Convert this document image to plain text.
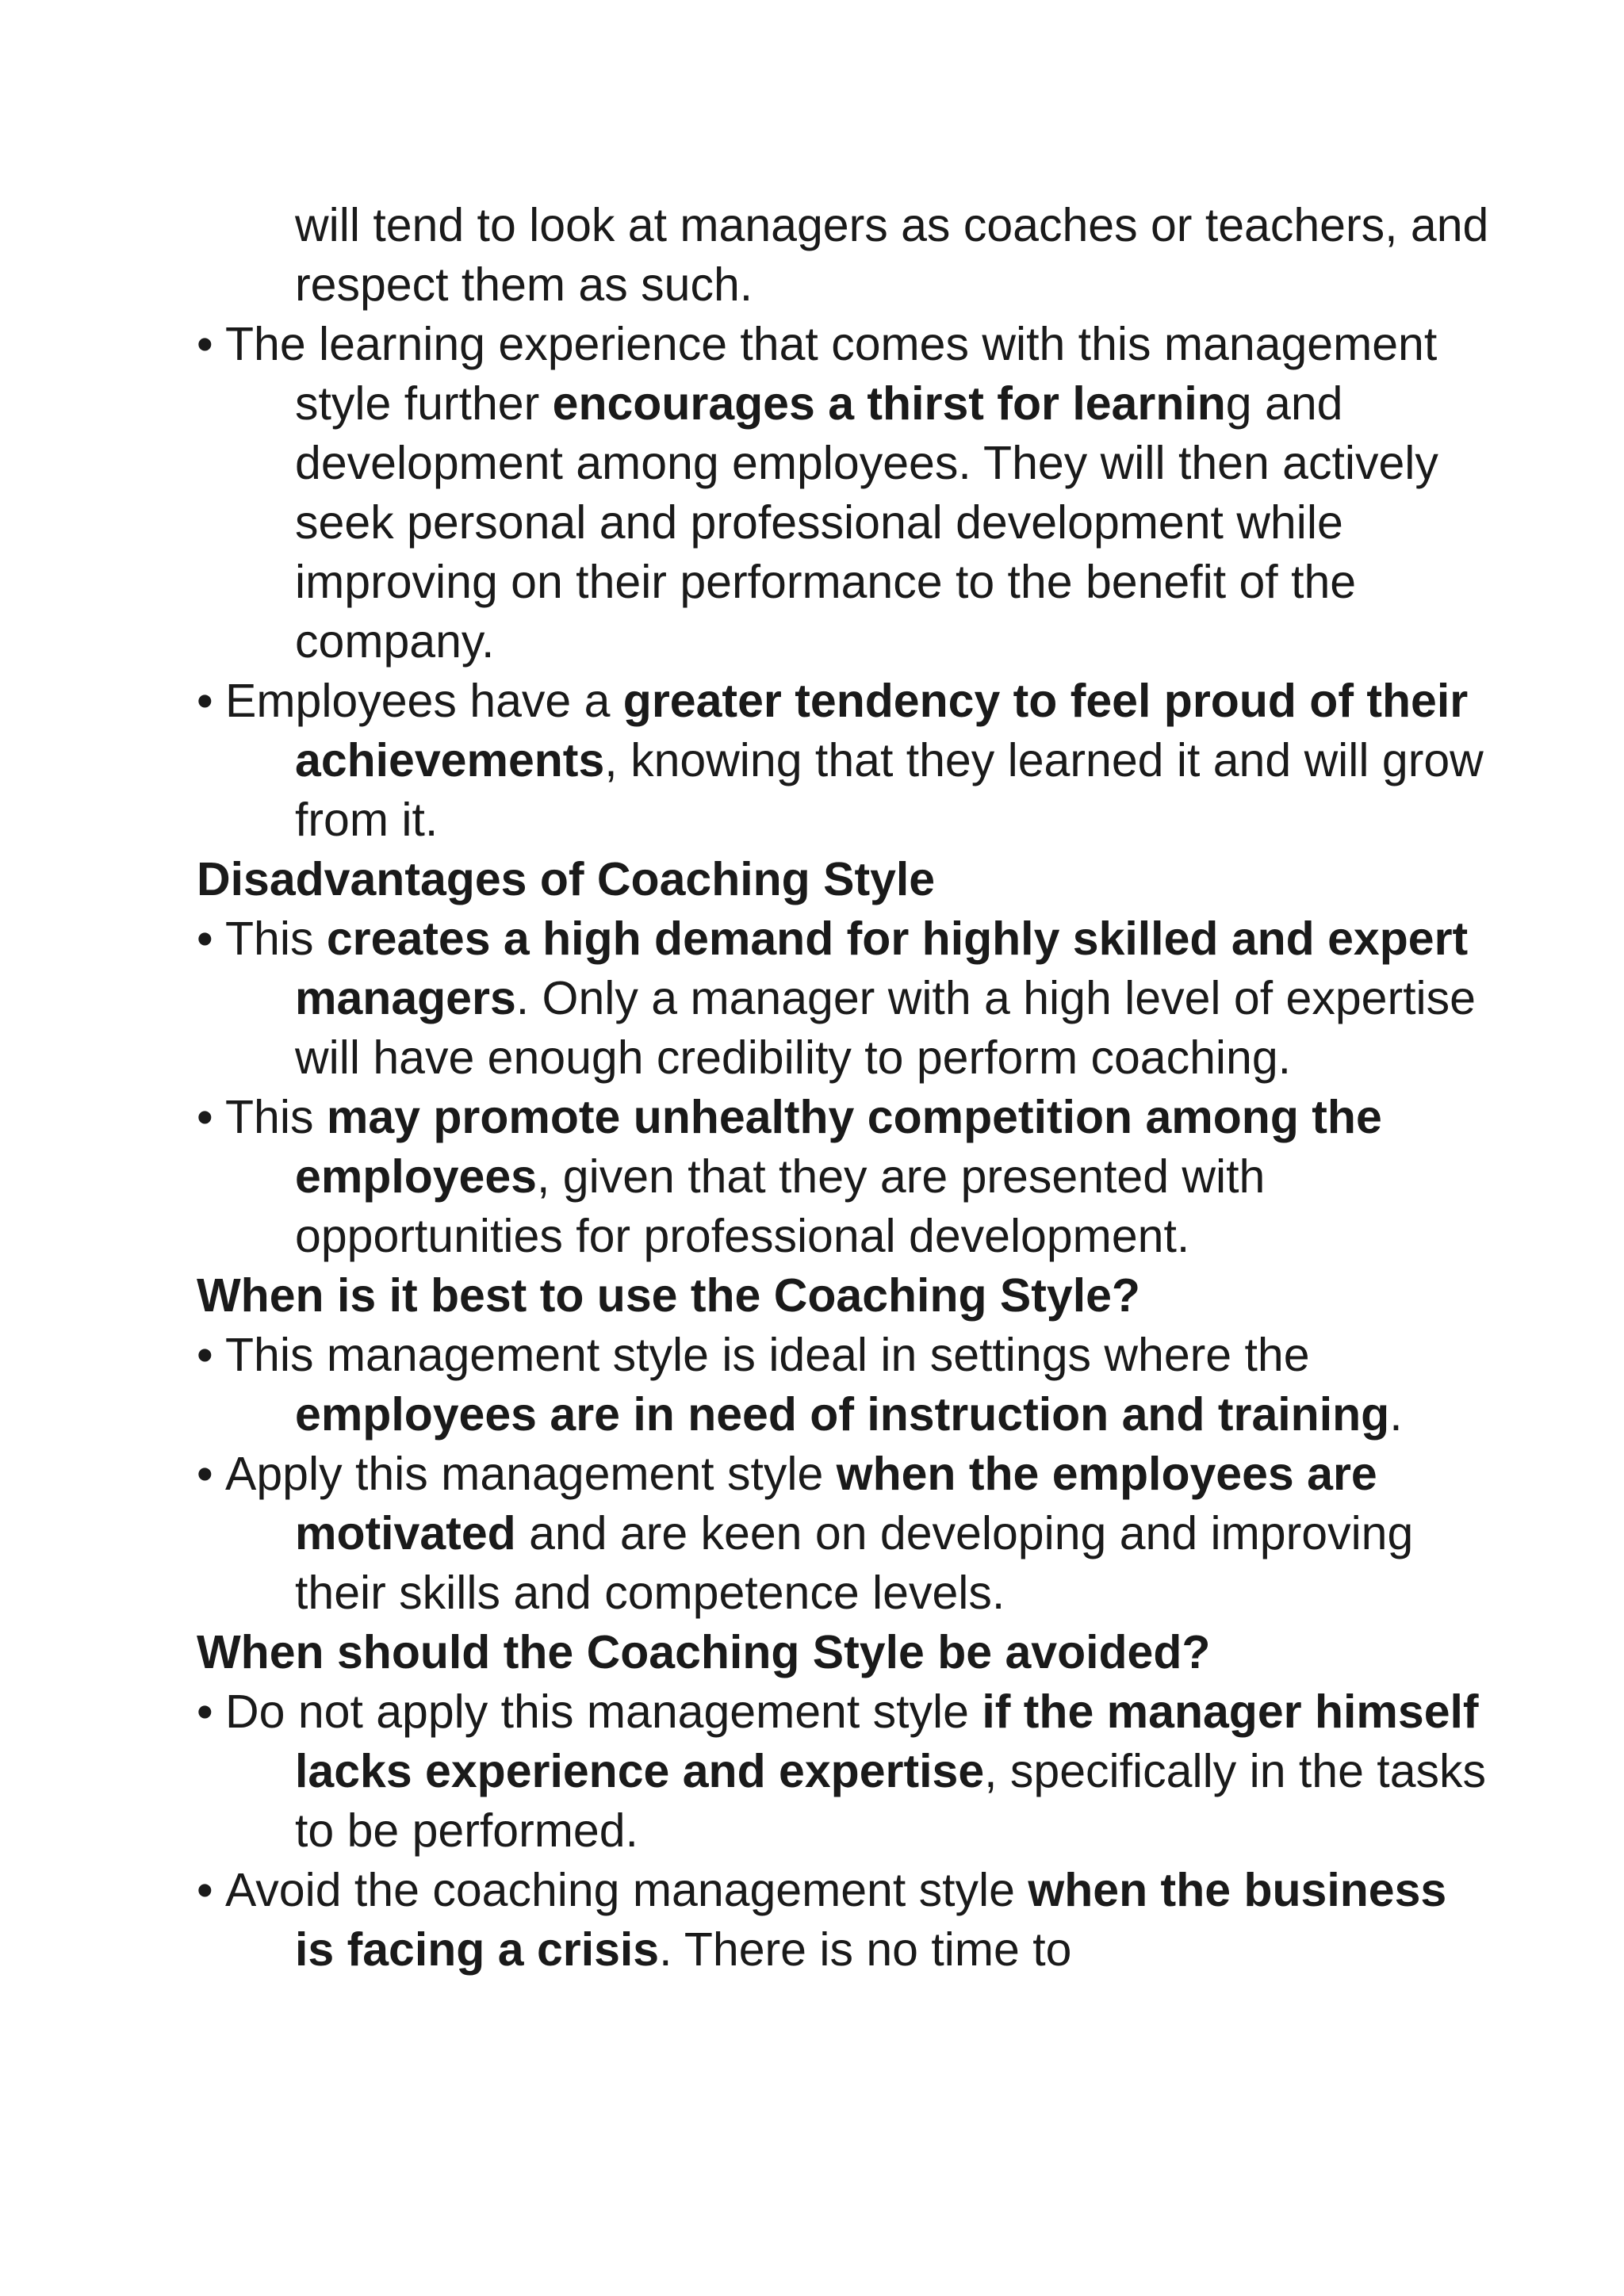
will tend to look at managers as coaches or teachers, and respect them as such.

• The learning experience that comes with this management style further encourages a thirst for learning and development among employees. They will then actively seek personal and professional development while improving on their performance to the benefit of the company.

• Employees have a greater tendency to feel proud of their achievements, knowing that they learned it and will grow from it.

Disadvantages of Coaching Style

• This creates a high demand for highly skilled and expert managers. Only a manager with a high level of expertise will have enough credibility to perform coaching.

• This may promote unhealthy competition among the employees, given that they are presented with opportunities for professional development.

When is it best to use the Coaching Style?

• This management style is ideal in settings where the employees are in need of instruction and training.

• Apply this management style when the employees are motivated and are keen on developing and improving their skills and competence levels.

When should the Coaching Style be avoided?

• Do not apply this management style if the manager himself lacks experience and expertise, specifically in the tasks to be performed.

• Avoid the coaching management style when the business is facing a crisis. There is no time to
